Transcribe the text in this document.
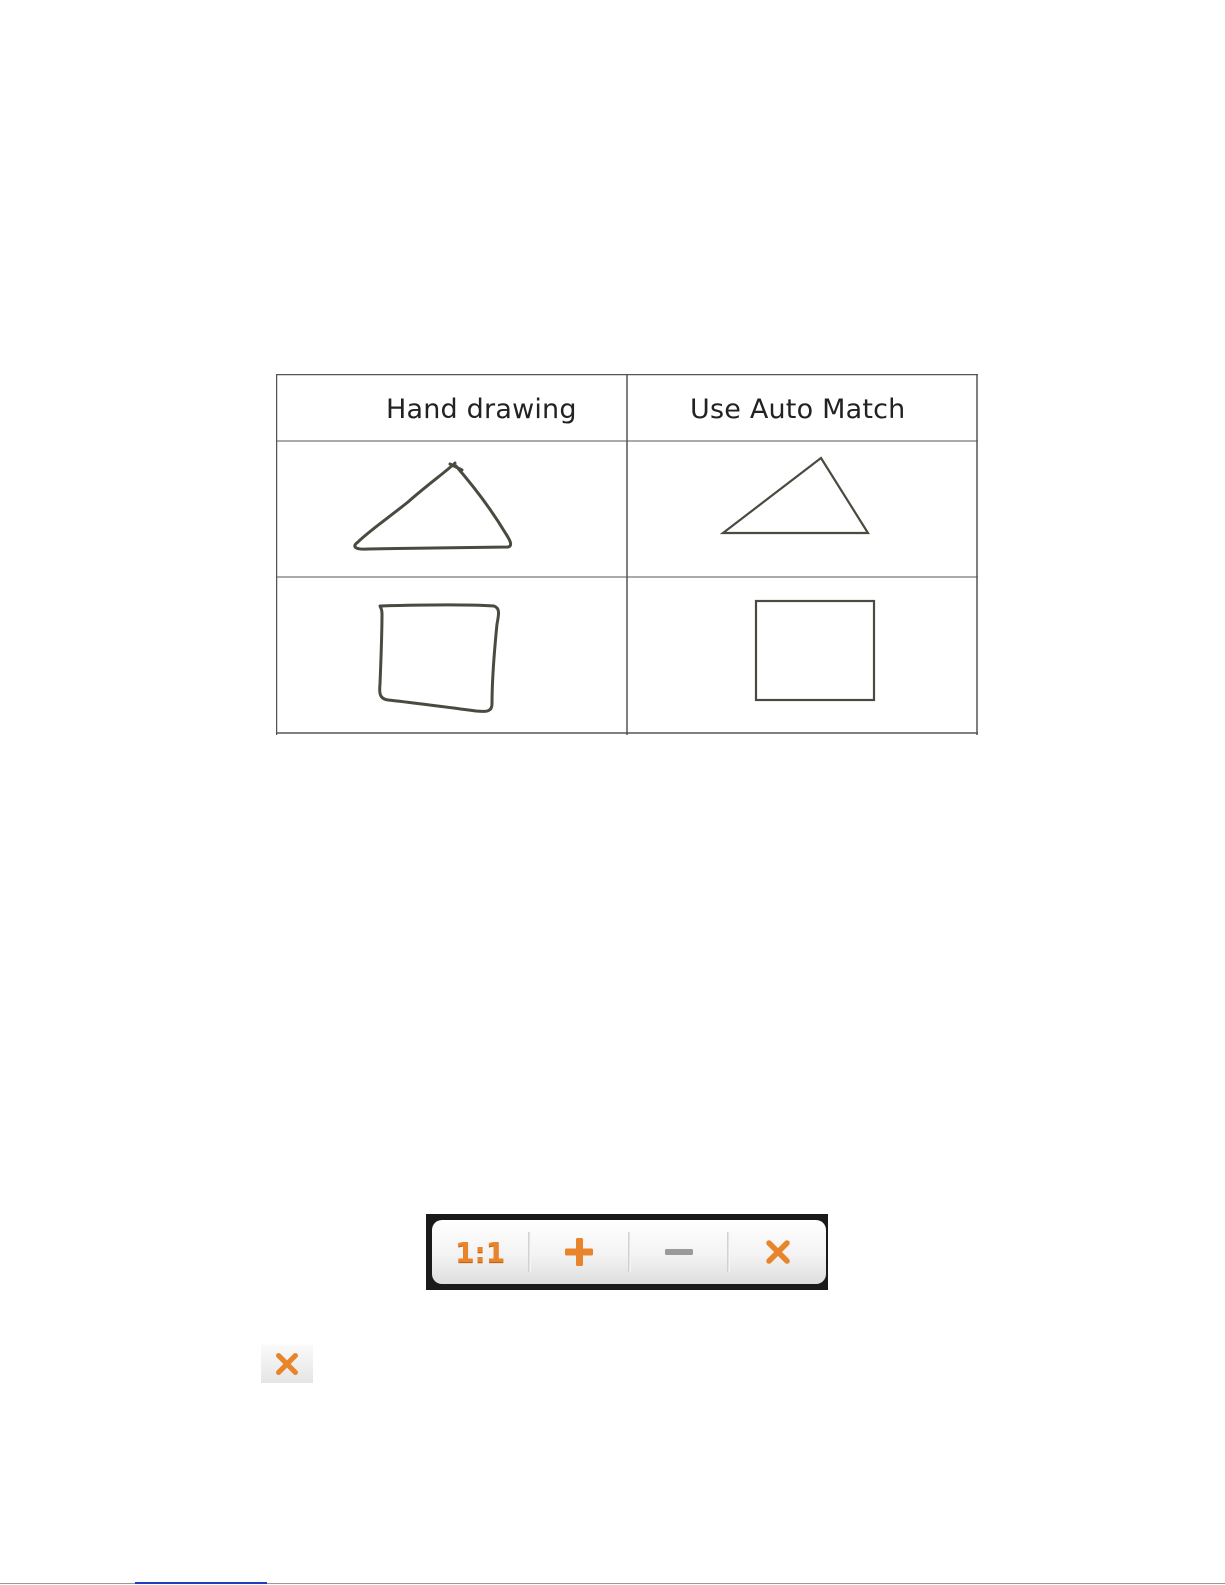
Hand drawing	Use Auto Match
1:1
